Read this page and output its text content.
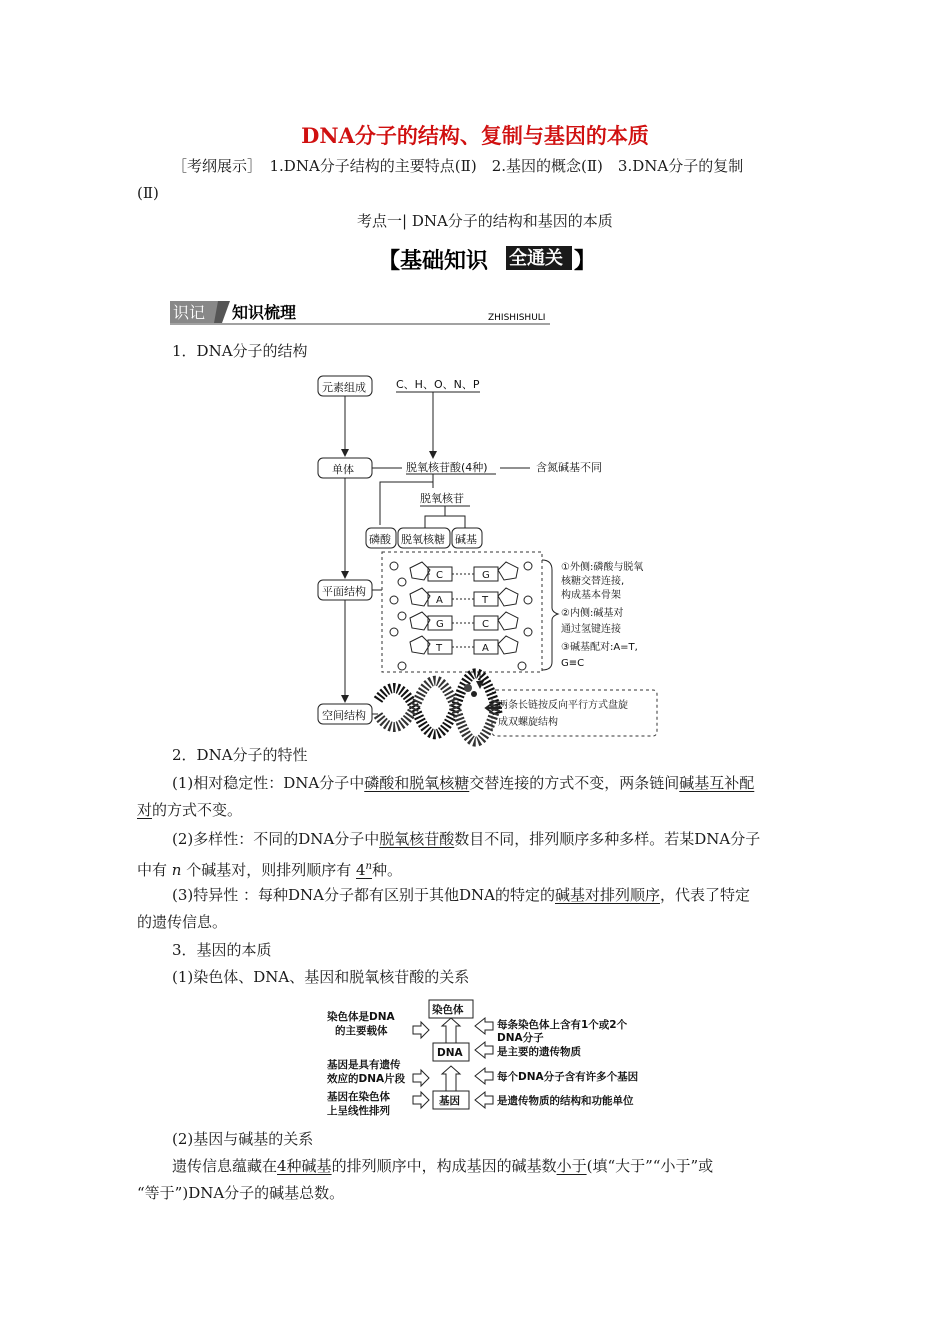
DNA分子的结构、复制与基因的本质
［考纲展示］　1.DNA分子结构的主要特点(Ⅱ)　2.基因的概念(Ⅱ)　3.DNA分子的复制
(Ⅱ)
考点一| DNA分子的结构和基因的本质
【基础知识 全通关
QUANTONGGUAN 】
识记 知识梳理	ZHISHISHULI
1．DNA分子的结构
元素组成	C、H、O、N、P
单体	脱氧核苷酸(4种)	含氮碱基不同
脱氧核苷
磷酸 脱氧核糖 碱基
平面结构
C
A
G
T
G
T
C
A
①外侧:磷酸与脱氧
核糖交替连接,
构成基本骨架
②内侧:碱基对
通过氢键连接
③碱基配对:A=T,
G≡C
空间结构
两条长链按反向平行方式盘旋
成双螺旋结构
2．DNA分子的特性
(1)相对稳定性：DNA分子中磷酸和脱氧核糖交替连接的方式不变，两条链间碱基互补配
对的方式不变。
(2)多样性：不同的DNA分子中脱氧核苷酸数目不同，排列顺序多种多样。若某DNA分子
中有 n 个碱基对，则排列顺序有 4$^n$种。
(3)特异性 ：每种DNA分子都有区别于其他DNA的特定的碱基对排列顺序，代表了特定
的遗传信息。
3．基因的本质
(1)染色体、DNA、基因和脱氧核苷酸的关系
染色体
DNA
基因
染色体是DNA
的主要载体
基因是具有遗传
效应的DNA片段
基因在染色体
上呈线性排列
每条染色体上含有1个或2个
DNA分子
是主要的遗传物质
每个DNA分子含有许多个基因
是遗传物质的结构和功能单位
(2)基因与碱基的关系
遗传信息蕴藏在4种碱基的排列顺序中，构成基因的碱基数小于(填“大于”“小于”或
“等于”)DNA分子的碱基总数。
